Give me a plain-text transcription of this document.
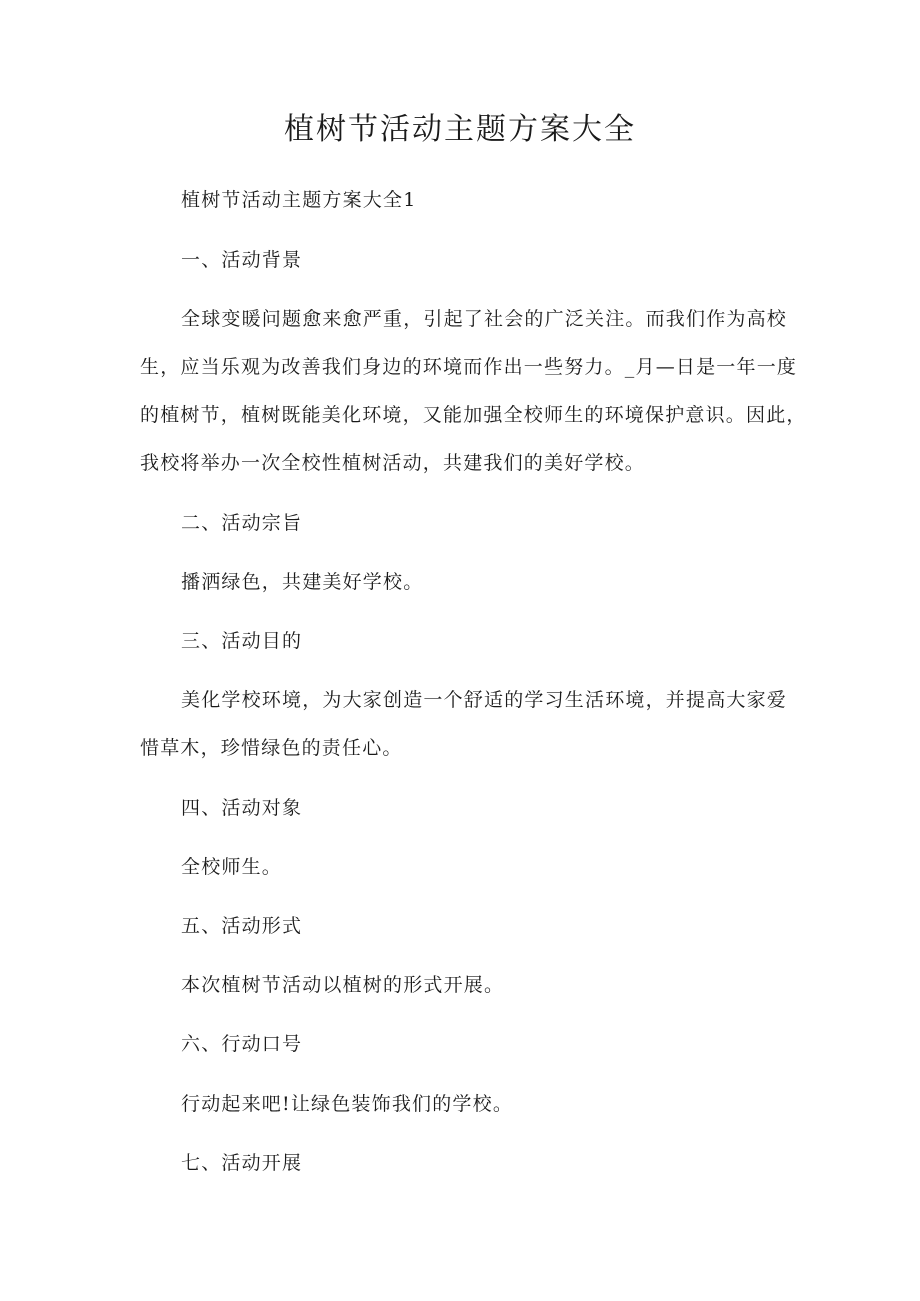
植树节活动主题方案大全

植树节活动主题方案大全1

一、活动背景

全球变暖问题愈来愈严重，引起了社会的广泛关注。而我们作为高校

生，应当乐观为改善我们身边的环境而作出一些努力。_月—日是一年一度

的植树节，植树既能美化环境，又能加强全校师生的环境保护意识。因此，

我校将举办一次全校性植树活动，共建我们的美好学校。

二、活动宗旨

播洒绿色，共建美好学校。

三、活动目的

美化学校环境，为大家创造一个舒适的学习生活环境，并提高大家爱

惜草木，珍惜绿色的责任心。

四、活动对象

全校师生。

五、活动形式

本次植树节活动以植树的形式开展。

六、行动口号

行动起来吧!让绿色装饰我们的学校。

七、活动开展
